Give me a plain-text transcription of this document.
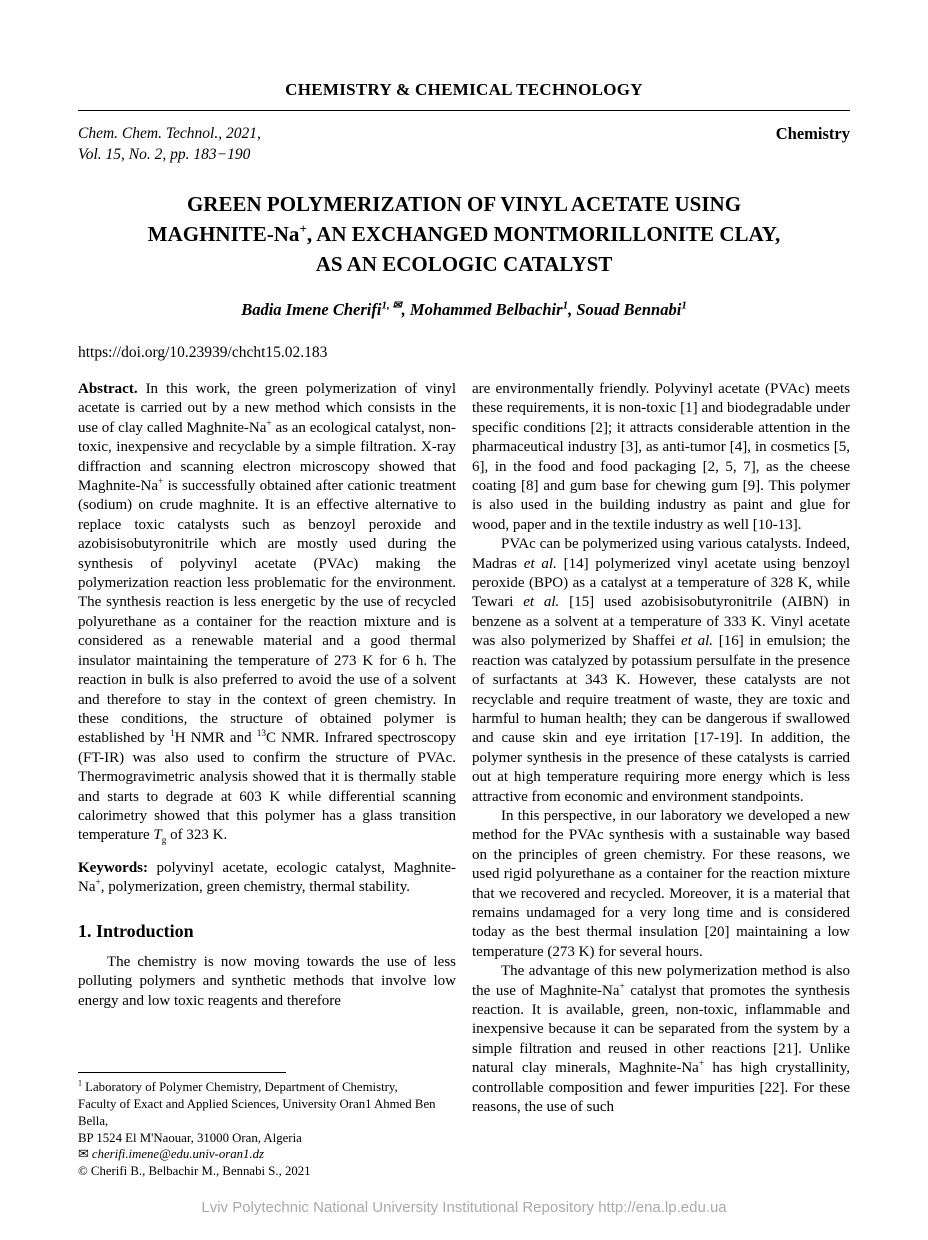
CHEMISTRY & CHEMICAL TECHNOLOGY
Chem. Chem. Technol., 2021,
Vol. 15, No. 2, pp. 183−190
Chemistry
GREEN POLYMERIZATION OF VINYL ACETATE USING
MAGHNITE-Na+, AN EXCHANGED MONTMORILLONITE CLAY,
AS AN ECOLOGIC CATALYST
Badia Imene Cherifi$^{1, ✉}$, Mohammed Belbachir$^1$, Souad Bennabi$^1$
https://doi.org/10.23939/chcht15.02.183

Abstract. In this work, the green polymerization of vinyl acetate is carried out by a new method which consists in the use of clay called Maghnite-Na+ as an ecological catalyst, non-toxic, inexpensive and recyclable by a simple filtration. X-ray diffraction and scanning electron microscopy showed that Maghnite-Na+ is successfully obtained after cationic treatment (sodium) on crude maghnite. It is an effective alternative to replace toxic catalysts such as benzoyl peroxide and azobisisobutyronitrile which are mostly used during the synthesis of polyvinyl acetate (PVAc) making the polymerization reaction less problematic for the environment. The synthesis reaction is less energetic by the use of recycled polyurethane as a container for the reaction mixture and is considered as a renewable material and a good thermal insulator maintaining the temperature of 273 K for 6 h. The reaction in bulk is also preferred to avoid the use of a solvent and therefore to stay in the context of green chemistry. In these conditions, the structure of obtained polymer is established by $^1$H NMR and $^{13}$C NMR. Infrared spectroscopy (FT-IR) was also used to confirm the structure of PVAc. Thermogravimetric analysis showed that it is thermally stable and starts to degrade at 603 K while differential scanning calorimetry showed that this polymer has a glass transition temperature $T_g$ of 323 K.

Keywords: polyvinyl acetate, ecologic catalyst, Maghnite-Na+, polymerization, green chemistry, thermal stability.

1. Introduction

The chemistry is now moving towards the use of less polluting polymers and synthetic methods that involve low energy and low toxic reagents and therefore

$^1$ Laboratory of Polymer Chemistry, Department of Chemistry,
Faculty of Exact and Applied Sciences, University Oran1 Ahmed Ben Bella,
BP 1524 El M'Naouar, 31000 Oran, Algeria

✉ cherifi.imene@edu.univ-oran1.dz

© Cherifi B., Belbachir M., Bennabi S., 2021

are environmentally friendly. Polyvinyl acetate (PVAc) meets these requirements, it is non-toxic [1] and biodegradable under specific conditions [2]; it attracts considerable attention in the pharmaceutical industry [3], as anti-tumor [4], in cosmetics [5, 6], in the food and food packaging [2, 5, 7], as the cheese coating [8] and gum base for chewing gum [9]. This polymer is also used in the building industry as paint and glue for wood, paper and in the textile industry as well [10-13].

PVAc can be polymerized using various catalysts. Indeed, Madras et al. [14] polymerized vinyl acetate using benzoyl peroxide (BPO) as a catalyst at a temperature of 328 K, while Tewari et al. [15] used azobisisobutyronitrile (AIBN) in benzene as a solvent at a temperature of 333 K. Vinyl acetate was also polymerized by Shaffei et al. [16] in emulsion; the reaction was catalyzed by potassium persulfate in the presence of surfactants at 343 K. However, these catalysts are not recyclable and require treatment of waste, they are toxic and harmful to human health; they can be dangerous if swallowed and cause skin and eye irritation [17-19]. In addition, the polymer synthesis in the presence of these catalysts is carried out at high temperature requiring more energy which is less attractive from economic and environment standpoints.

In this perspective, in our laboratory we developed a new method for the PVAc synthesis with a sustainable way based on the principles of green chemistry. For these reasons, we used rigid polyurethane as a container for the reaction mixture that we recovered and recycled. Moreover, it is a material that remains undamaged for a very long time and is considered today as the best thermal insulation [20] maintaining a low temperature (273 K) for several hours.

The advantage of this new polymerization method is also the use of Maghnite-Na+ catalyst that promotes the synthesis reaction. It is available, green, non-toxic, inflammable and inexpensive because it can be separated from the system by a simple filtration and reused in other reactions [21]. Unlike natural clay minerals, Maghnite-Na+ has high crystallinity, controllable composition and fewer impurities [22]. For these reasons, the use of such

Lviv Polytechnic National University Institutional Repository http://ena.lp.edu.ua
